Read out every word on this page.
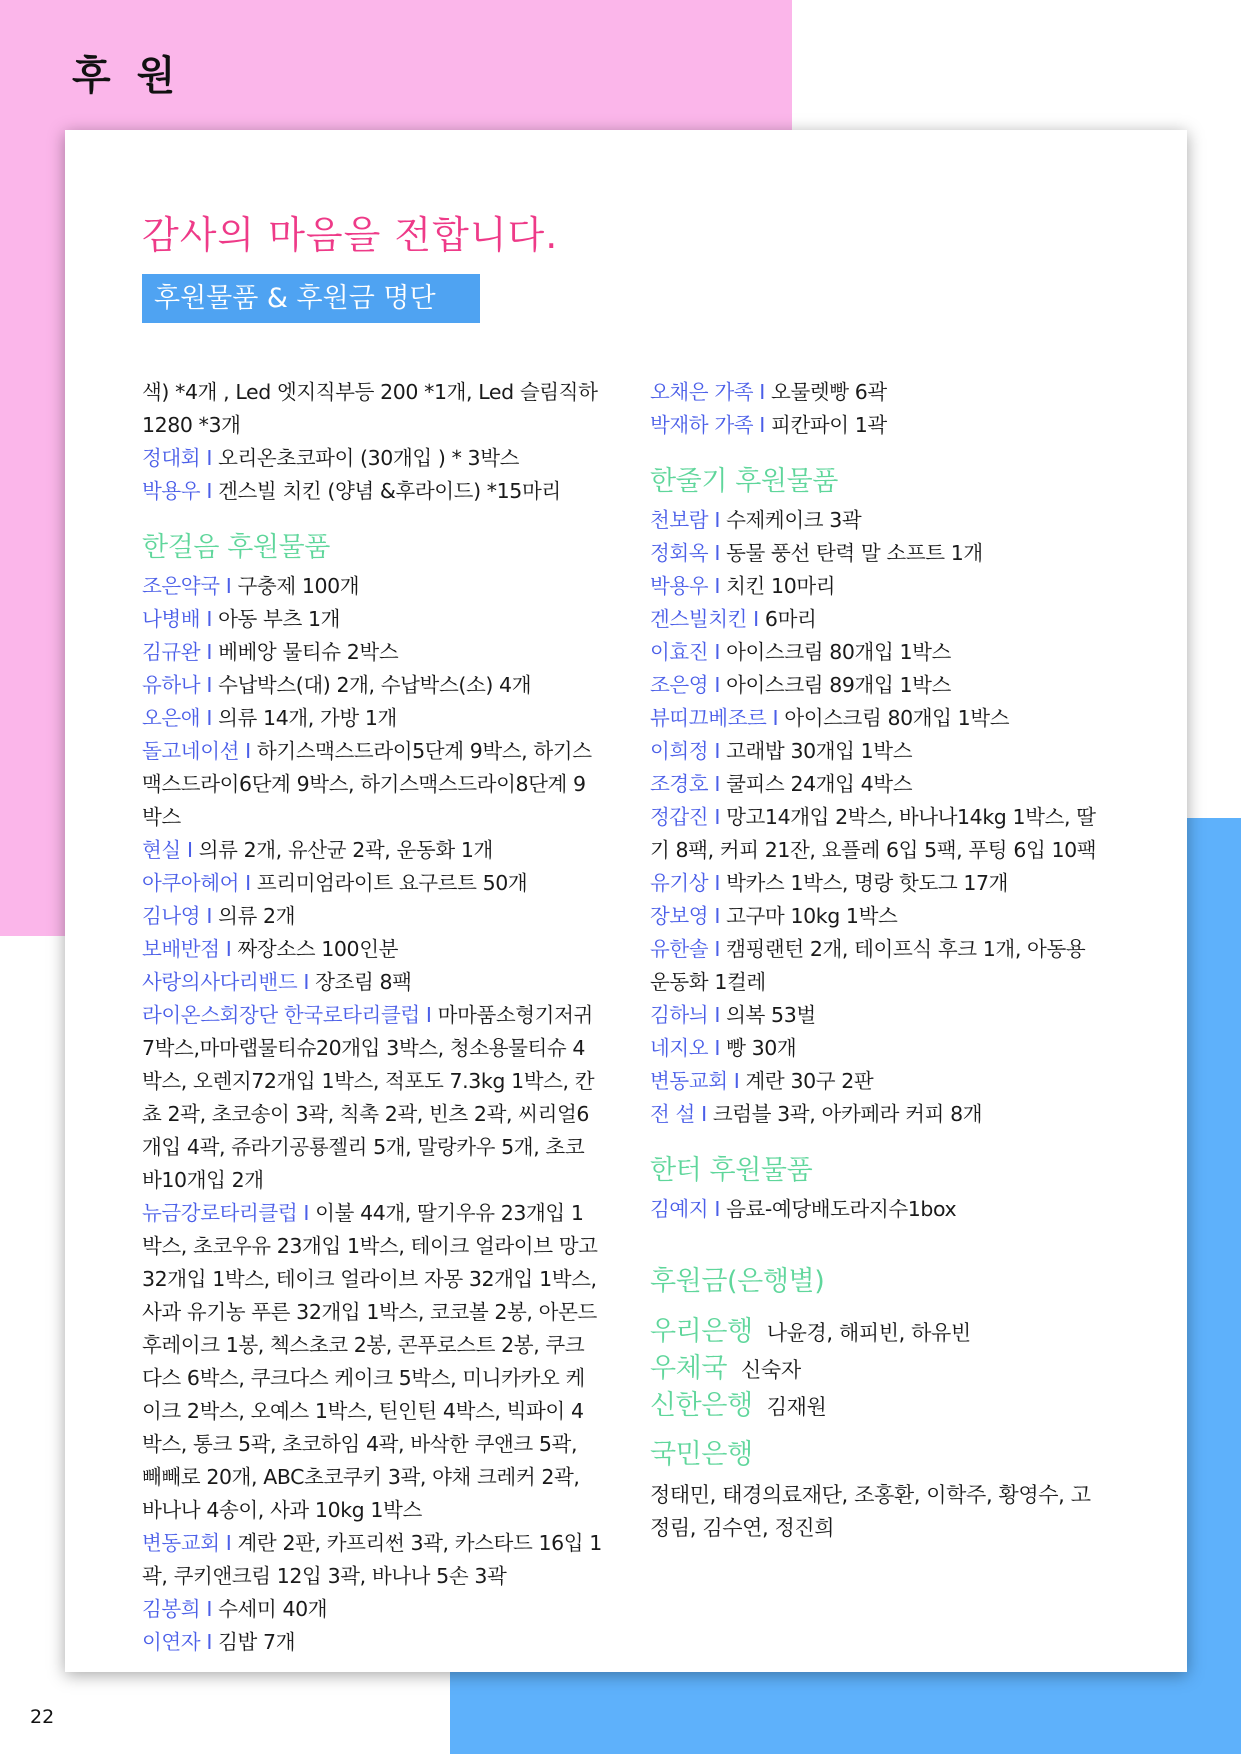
후 원
감사의 마음을 전합니다.
후원물품 & 후원금 명단

색) *4개 , Led 엣지직부등 200 *1개, Led 슬림직하 1280 *3개

정대회 I 오리온초코파이 (30개입 ) * 3박스

박용우 I 겐스빌 치킨 (양념 &후라이드) *15마리

한걸음 후원물품

조은약국 I 구충제 100개

나병배 I 아동 부츠 1개

김규완 I 베베앙 물티슈 2박스

유하나 I 수납박스(대) 2개, 수납박스(소) 4개

오은애 I 의류 14개, 가방 1개

돌고네이션 I 하기스맥스드라이5단계 9박스, 하기스맥스드라이6단계 9박스, 하기스맥스드라이8단계 9박스

현실 I 의류 2개, 유산균 2곽, 운동화 1개

아쿠아헤어 I 프리미엄라이트 요구르트 50개

김나영 I 의류 2개

보배반점 I 짜장소스 100인분

사랑의사다리밴드 I 장조림 8팩

라이온스회장단 한국로타리클럽 I 마마품소형기저귀 7박스,마마랩물티슈20개입 3박스, 청소용물티슈 4박스, 오렌지72개입 1박스, 적포도 7.3kg 1박스, 칸쵸 2곽, 초코송이 3곽, 칙촉 2곽, 빈츠 2곽, 씨리얼6개입 4곽, 쥬라기공룡젤리 5개, 말랑카우 5개, 초코바10개입 2개

뉴금강로타리클럽 I 이불 44개, 딸기우유 23개입 1박스, 초코우유 23개입 1박스, 테이크 얼라이브 망고 32개입 1박스, 테이크 얼라이브 자몽 32개입 1박스, 사과 유기농 푸른 32개입 1박스, 코코볼 2봉, 아몬드 후레이크 1봉, 첵스초코 2봉, 콘푸로스트 2봉, 쿠크다스 6박스, 쿠크다스 케이크 5박스, 미니카카오 케이크 2박스, 오예스 1박스, 틴인틴 4박스, 빅파이 4박스, 통크 5곽, 초코하임 4곽, 바삭한 쿠앤크 5곽, 빼빼로 20개, ABC초코쿠키 3곽, 야채 크레커 2곽, 바나나 4송이, 사과 10kg 1박스

변동교회 I 계란 2판, 카프리썬 3곽, 카스타드 16입 1곽, 쿠키앤크림 12입 3곽, 바나나 5손 3곽

김봉희 I 수세미 40개

이연자 I 김밥 7개

오채은 가족 I 오물렛빵 6곽

박재하 가족 I 피칸파이 1곽

한줄기 후원물품

천보람 I 수제케이크 3곽

정회옥 I 동물 풍선 탄력 말 소프트 1개

박용우 I 치킨 10마리

겐스빌치킨 I 6마리

이효진 I 아이스크림 80개입 1박스

조은영 I 아이스크림 89개입 1박스

뷰띠끄베조르 I 아이스크림 80개입 1박스

이희정 I 고래밥 30개입 1박스

조경호 I 쿨피스 24개입 4박스

정갑진 I 망고14개입 2박스, 바나나14kg 1박스, 딸기 8팩, 커피 21잔, 요플레 6입 5팩, 푸팅 6입 10팩

유기상 I 박카스 1박스, 명랑 핫도그 17개

장보영 I 고구마 10kg 1박스

유한솔 I 캠핑랜턴 2개, 테이프식 후크 1개, 아동용 운동화 1컬레

김하늬 I 의복 53벌

네지오 I 빵 30개

변동교회 I 계란 30구 2판

전 설 I 크럼블 3곽, 아카페라 커피 8개

한터 후원물품

김예지 I 음료-예당배도라지수1box

후원금(은행별)

우리은행 나윤경, 해피빈, 하유빈

우체국 신숙자

신한은행 김재원

국민은행

정태민, 태경의료재단, 조홍환, 이학주, 황영수, 고정림, 김수연, 정진희

22
